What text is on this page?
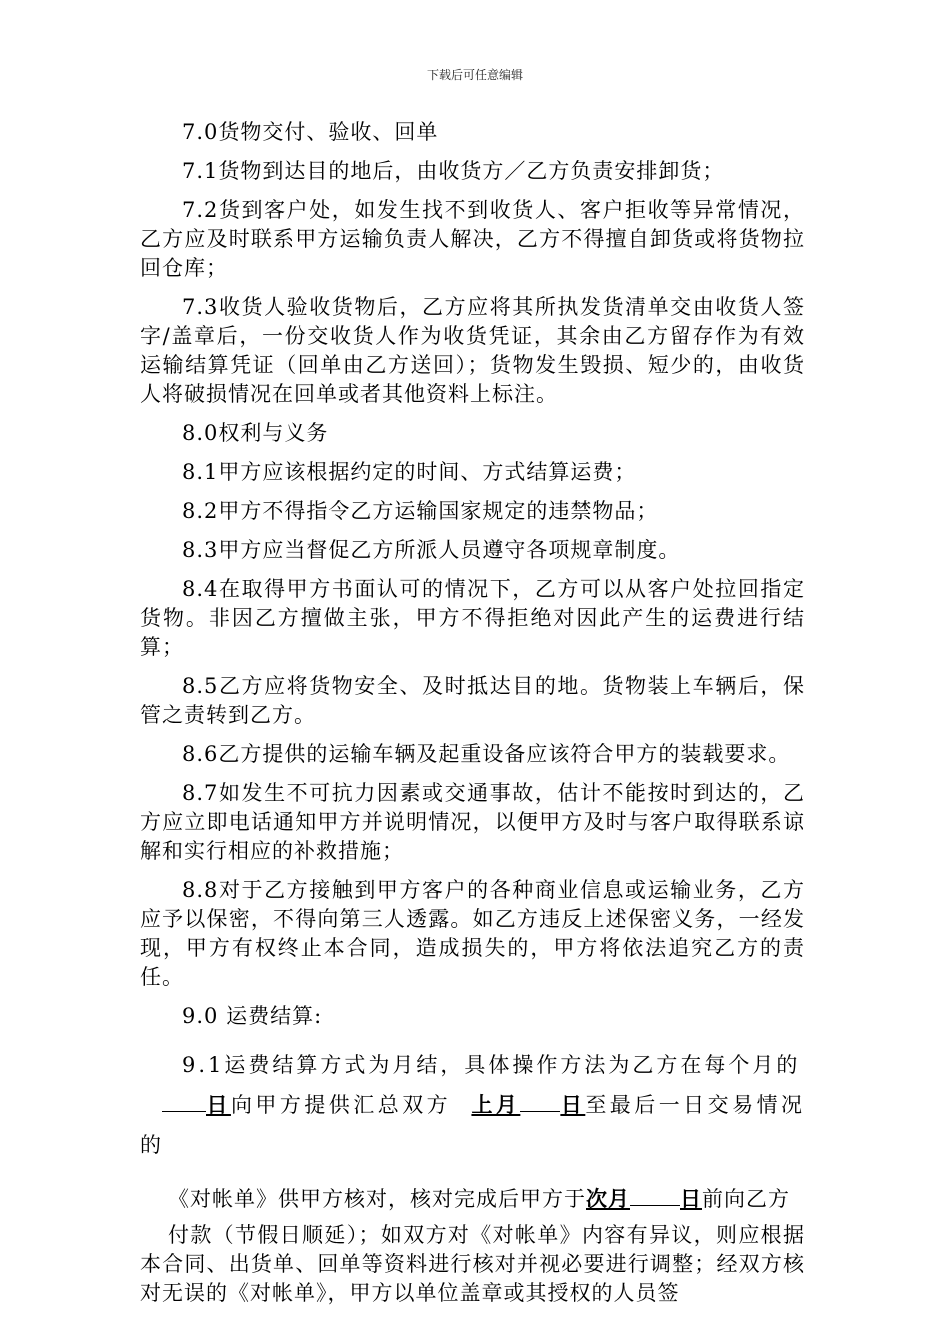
下载后可任意编辑

7.0货物交付、验收、回单

7.1货物到达目的地后，由收货方／乙方负责安排卸货；

7.2货到客户处，如发生找不到收货人、客户拒收等异常情况，乙方应及时联系甲方运输负责人解决，乙方不得擅自卸货或将货物拉回仓库；

7.3收货人验收货物后，乙方应将其所执发货清单交由收货人签字/盖章后，一份交收货人作为收货凭证，其余由乙方留存作为有效运输结算凭证（回单由乙方送回）；货物发生毁损、短少的，由收货人将破损情况在回单或者其他资料上标注。

8.0权利与义务

8.1甲方应该根据约定的时间、方式结算运费；

8.2甲方不得指令乙方运输国家规定的违禁物品；

8.3甲方应当督促乙方所派人员遵守各项规章制度。

8.4在取得甲方书面认可的情况下，乙方可以从客户处拉回指定货物。非因乙方擅做主张，甲方不得拒绝对因此产生的运费进行结算；

8.5乙方应将货物安全、及时抵达目的地。货物装上车辆后，保管之责转到乙方。

8.6乙方提供的运输车辆及起重设备应该符合甲方的装载要求。

8.7如发生不可抗力因素或交通事故，估计不能按时到达的，乙方应立即电话通知甲方并说明情况，以便甲方及时与客户取得联系谅解和实行相应的补救措施；

8.8对于乙方接触到甲方客户的各种商业信息或运输业务，乙方应予以保密，不得向第三人透露。如乙方违反上述保密义务，一经发现，甲方有权终止本合同，造成损失的，甲方将依法追究乙方的责任。

9.0 运费结算:

9.1运费结算方式为月结，具体操作方法为乙方在每个月的

日向甲方提供汇总双方 上月 日至最后一日交易情况的

《对帐单》供甲方核对，核对完成后甲方于次月 日前向乙方

付款（节假日顺延）；如双方对《对帐单》内容有异议，则应根据本合同、出货单、回单等资料进行核对并视必要进行调整；经双方核对无误的《对帐单》，甲方以单位盖章或其授权的人员签
